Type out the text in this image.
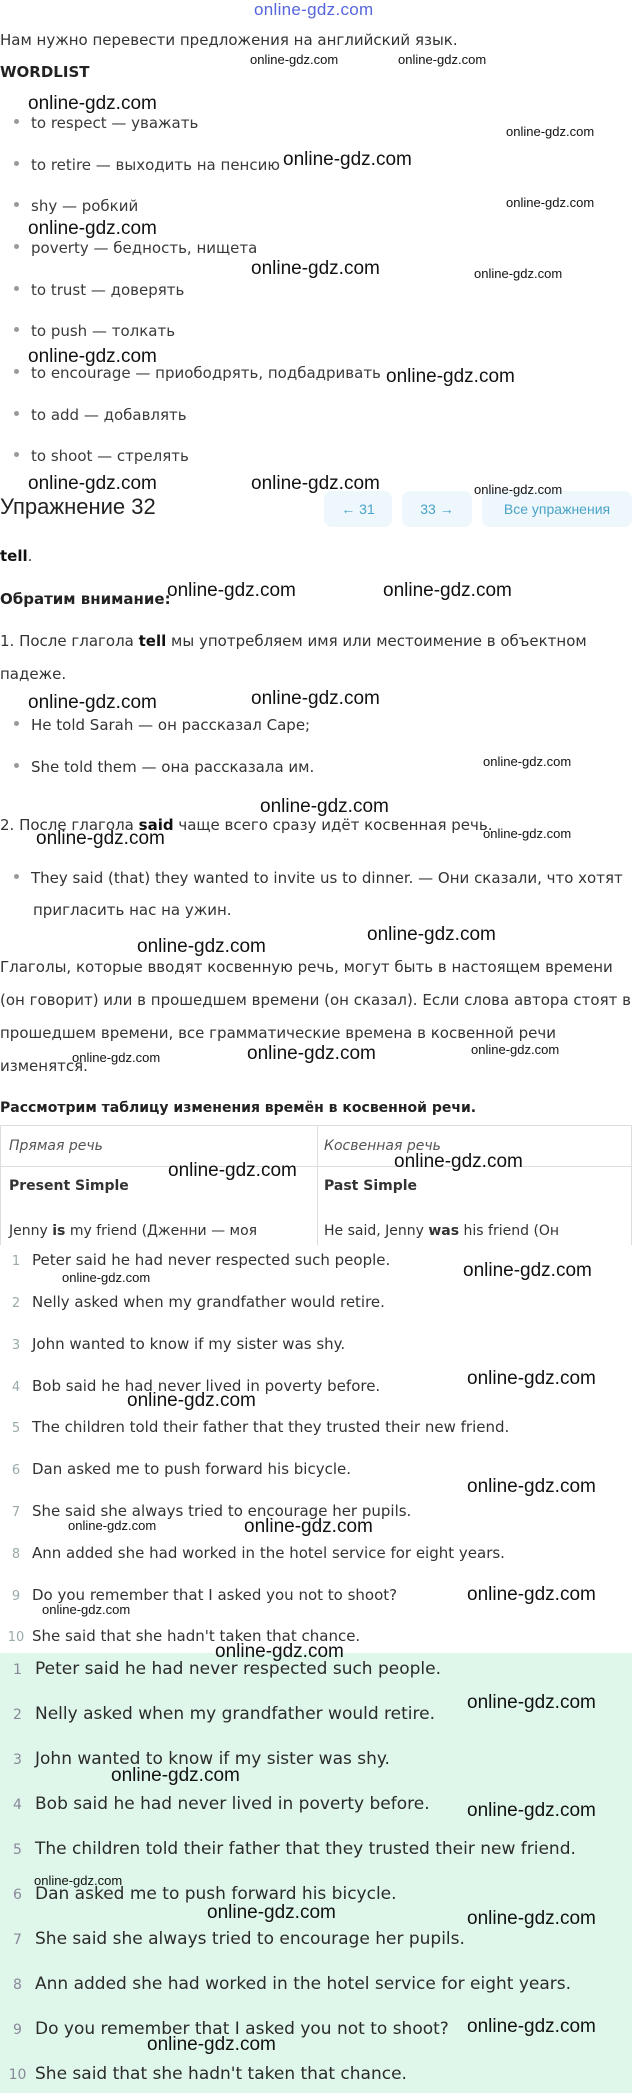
online-gdz.com
Нам нужно перевести предложения на английский язык.
WORDLIST
to respect — уважать
to retire — выходить на пенсию
shy — робкий
poverty — бедность, нищета
to trust — доверять
to push — толкать
to encourage — приободрять, подбадривать
to add — добавлять
to shoot — стрелять
Упражнение 32	← 31	33 →	Все упражнения
tell.
Обратим внимание:
1. После глагола tell мы употребляем имя или местоимение в объектном
падеже.
He told Sarah — он рассказал Саре;
She told them — она рассказала им.
2. После глагола said чаще всего сразу идёт косвенная речь.
They said (that) they wanted to invite us to dinner. — Они сказали, что хотят
пригласить нас на ужин.
Глаголы, которые вводят косвенную речь, могут быть в настоящем времени
(он говорит) или в прошедшем времени (он сказал). Если слова автора стоят в
прошедшем времени, все грамматические времена в косвенной речи
изменятся.
Рассмотрим таблицу изменения времён в косвенной речи.
Прямая речь	Косвенная речь
Present Simple	Past Simple
Jenny is my friend (Дженни — моя	He said, Jenny was his friend (Он
1 Peter said he had never respected such people.
2 Nelly asked when my grandfather would retire.
3 John wanted to know if my sister was shy.
4 Bob said he had never lived in poverty before.
5 The children told their father that they trusted their new friend.
6 Dan asked me to push forward his bicycle.
7 She said she always tried to encourage her pupils.
8 Ann added she had worked in the hotel service for eight years.
9 Do you remember that I asked you not to shoot?
10 She said that she hadn't taken that chance.
1 Peter said he had never respected such people.
2 Nelly asked when my grandfather would retire.
3 John wanted to know if my sister was shy.
4 Bob said he had never lived in poverty before.
5 The children told their father that they trusted their new friend.
6 Dan asked me to push forward his bicycle.
7 She said she always tried to encourage her pupils.
8 Ann added she had worked in the hotel service for eight years.
9 Do you remember that I asked you not to shoot?
10 She said that she hadn't taken that chance.
online-gdz.com	online-gdz.com
online-gdz.com
online-gdz.com
online-gdz.com
online-gdz.com
online-gdz.com
online-gdz.com	online-gdz.com
online-gdz.com
online-gdz.com
online-gdz.com	online-gdz.com	online-gdz.com
online-gdz.com	online-gdz.com
online-gdz.com	online-gdz.com
online-gdz.com
online-gdz.com
online-gdz.com
online-gdz.com
online-gdz.com
online-gdz.com
online-gdz.com	online-gdz.com	online-gdz.com
online-gdz.com	online-gdz.com
online-gdz.com	online-gdz.com
online-gdz.com
online-gdz.com
online-gdz.com
online-gdz.com	online-gdz.com
online-gdz.com
online-gdz.com
online-gdz.com
online-gdz.com
online-gdz.com
online-gdz.com
online-gdz.com
online-gdz.com	online-gdz.com
online-gdz.com
online-gdz.com
